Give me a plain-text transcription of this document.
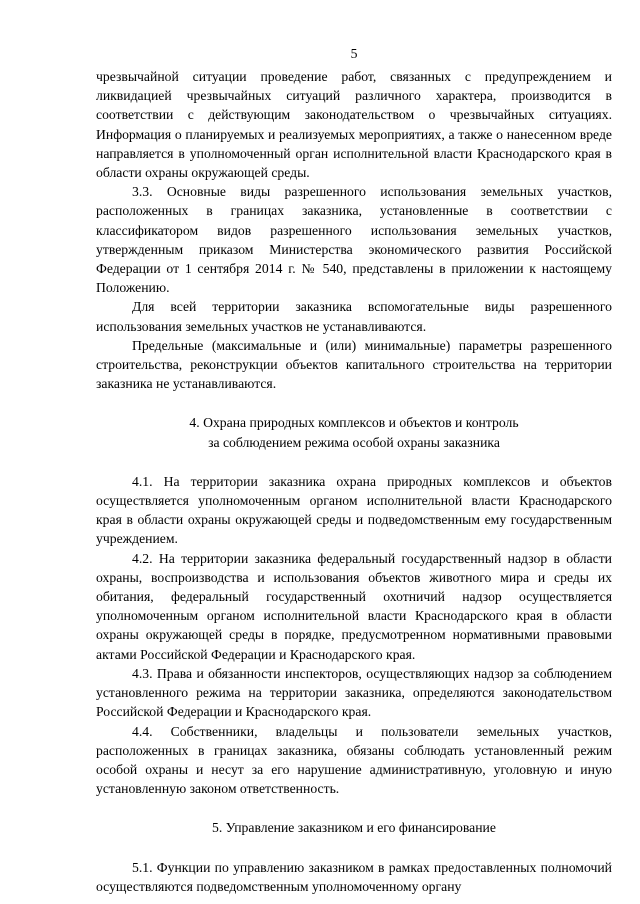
5

чрезвычайной ситуации проведение работ, связанных с предупреждением и ликвидацией чрезвычайных ситуаций различного характера, производится в соответствии с действующим законодательством о чрезвычайных ситуациях. Информация о планируемых и реализуемых мероприятиях, а также о нанесенном вреде направляется в уполномоченный орган исполнительной власти Краснодарского края в области охраны окружающей среды.

3.3. Основные виды разрешенного использования земельных участков, расположенных в границах заказника, установленные в соответствии с классификатором видов разрешенного использования земельных участков, утвержденным приказом Министерства экономического развития Российской Федерации от 1 сентября 2014 г. № 540, представлены в приложении к настоящему Положению.

Для всей территории заказника вспомогательные виды разрешенного использования земельных участков не устанавливаются.

Предельные (максимальные и (или) минимальные) параметры разрешенного строительства, реконструкции объектов капитального строительства на территории заказника не устанавливаются.

4. Охрана природных комплексов и объектов и контроль

за соблюдением режима особой охраны заказника

4.1. На территории заказника охрана природных комплексов и объектов осуществляется уполномоченным органом исполнительной власти Краснодарского края в области охраны окружающей среды и подведомственным ему государственным учреждением.

4.2. На территории заказника федеральный государственный надзор в области охраны, воспроизводства и использования объектов животного мира и среды их обитания, федеральный государственный охотничий надзор осуществляется уполномоченным органом исполнительной власти Краснодарского края в области охраны окружающей среды в порядке, предусмотренном нормативными правовыми актами Российской Федерации и Краснодарского края.

4.3. Права и обязанности инспекторов, осуществляющих надзор за соблюдением установленного режима на территории заказника, определяются законодательством Российской Федерации и Краснодарского края.

4.4. Собственники, владельцы и пользователи земельных участков, расположенных в границах заказника, обязаны соблюдать установленный режим особой охраны и несут за его нарушение административную, уголовную и иную установленную законом ответственность.

5. Управление заказником и его финансирование

5.1. Функции по управлению заказником в рамках предоставленных полномочий осуществляются подведомственным уполномоченному органу
